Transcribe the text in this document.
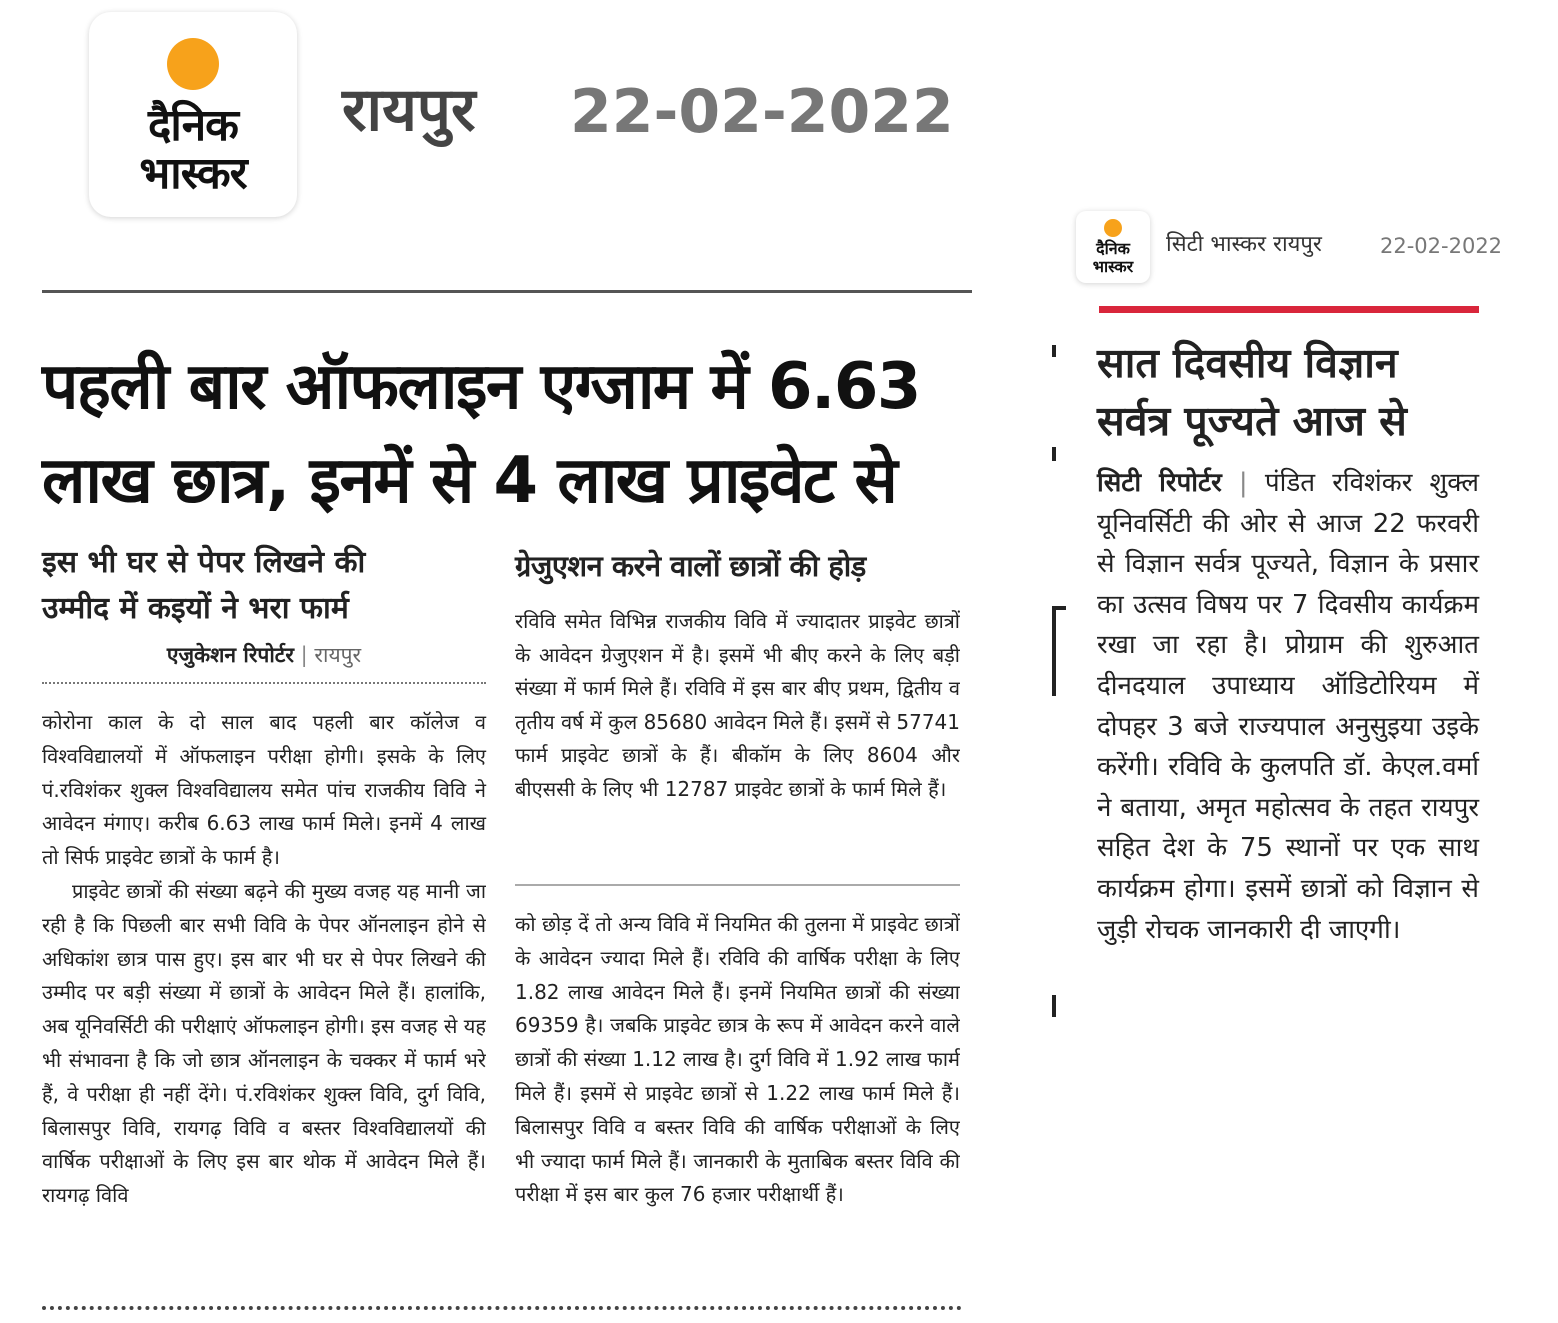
दैनिक
भास्कर
रायपुर 22-02-2022
पहली बार ऑफलाइन एग्जाम में 6.63
लाख छात्र, इनमें से 4 लाख प्राइवेट से
इस भी घर से पेपर लिखने की
उम्मीद में कइयों ने भरा फार्म
एजुकेशन रिपोर्टर | रायपुर
ग्रेजुएशन करने वालों छात्रों की होड़

कोरोना काल के दो साल बाद पहली बार कॉलेज व विश्वविद्यालयों में ऑफलाइन परीक्षा होगी। इसके के लिए पं.रविशंकर शुक्ल विश्वविद्यालय समेत पांच राजकीय विवि ने आवेदन मंगाए। करीब 6.63 लाख फार्म मिले। इनमें 4 लाख तो सिर्फ प्राइवेट छात्रों के फार्म है।

प्राइवेट छात्रों की संख्या बढ़ने की मुख्य वजह यह मानी जा रही है कि पिछली बार सभी विवि के पेपर ऑनलाइन होने से अधिकांश छात्र पास हुए। इस बार भी घर से पेपर लिखने की उम्मीद पर बड़ी संख्या में छात्रों के आवेदन मिले हैं। हालांकि, अब यूनिवर्सिटी की परीक्षाएं ऑफलाइन होगी। इस वजह से यह भी संभावना है कि जो छात्र ऑनलाइन के चक्कर में फार्म भरे हैं, वे परीक्षा ही नहीं देंगे। पं.रविशंकर शुक्ल विवि, दुर्ग विवि, बिलासपुर विवि, रायगढ़ विवि व बस्तर विश्वविद्यालयों की वार्षिक परीक्षाओं के लिए इस बार थोक में आवेदन मिले हैं। रायगढ़ विवि

रविवि समेत विभिन्न राजकीय विवि में ज्यादातर प्राइवेट छात्रों के आवेदन ग्रेजुएशन में है। इसमें भी बीए करने के लिए बड़ी संख्या में फार्म मिले हैं। रविवि में इस बार बीए प्रथम, द्वितीय व तृतीय वर्ष में कुल 85680 आवेदन मिले हैं। इसमें से 57741 फार्म प्राइवेट छात्रों के हैं। बीकॉम के लिए 8604 और बीएससी के लिए भी 12787 प्राइवेट छात्रों के फार्म मिले हैं।
को छोड़ दें तो अन्य विवि में नियमित की तुलना में प्राइवेट छात्रों के आवेदन ज्यादा मिले हैं। रविवि की वार्षिक परीक्षा के लिए 1.82 लाख आवेदन मिले हैं। इनमें नियमित छात्रों की संख्या 69359 है। जबकि प्राइवेट छात्र के रूप में आवेदन करने वाले छात्रों की संख्या 1.12 लाख है। दुर्ग विवि में 1.92 लाख फार्म मिले हैं। इसमें से प्राइवेट छात्रों से 1.22 लाख फार्म मिले हैं। बिलासपुर विवि व बस्तर विवि की वार्षिक परीक्षाओं के लिए भी ज्यादा फार्म मिले हैं। जानकारी के मुताबिक बस्तर विवि की परीक्षा में इस बार कुल 76 हजार परीक्षार्थी हैं।
दैनिक
भास्कर
सिटी भास्कर रायपुर	22-02-2022
सात दिवसीय विज्ञान
सर्वत्र पूज्यते आज से
सिटी रिपोर्टर | पंडित रविशंकर शुक्ल यूनिवर्सिटी की ओर से आज 22 फरवरी से विज्ञान सर्वत्र पूज्यते, विज्ञान के प्रसार का उत्सव विषय पर 7 दिवसीय कार्यक्रम रखा जा रहा है। प्रोग्राम की शुरुआत दीनदयाल उपाध्याय ऑडिटोरियम में दोपहर 3 बजे राज्यपाल अनुसुइया उइके करेंगी। रविवि के कुलपति डॉ. केएल.वर्मा ने बताया, अमृत महोत्सव के तहत रायपुर सहित देश के 75 स्थानों पर एक साथ कार्यक्रम होगा। इसमें छात्रों को विज्ञान से जुड़ी रोचक जानकारी दी जाएगी।
